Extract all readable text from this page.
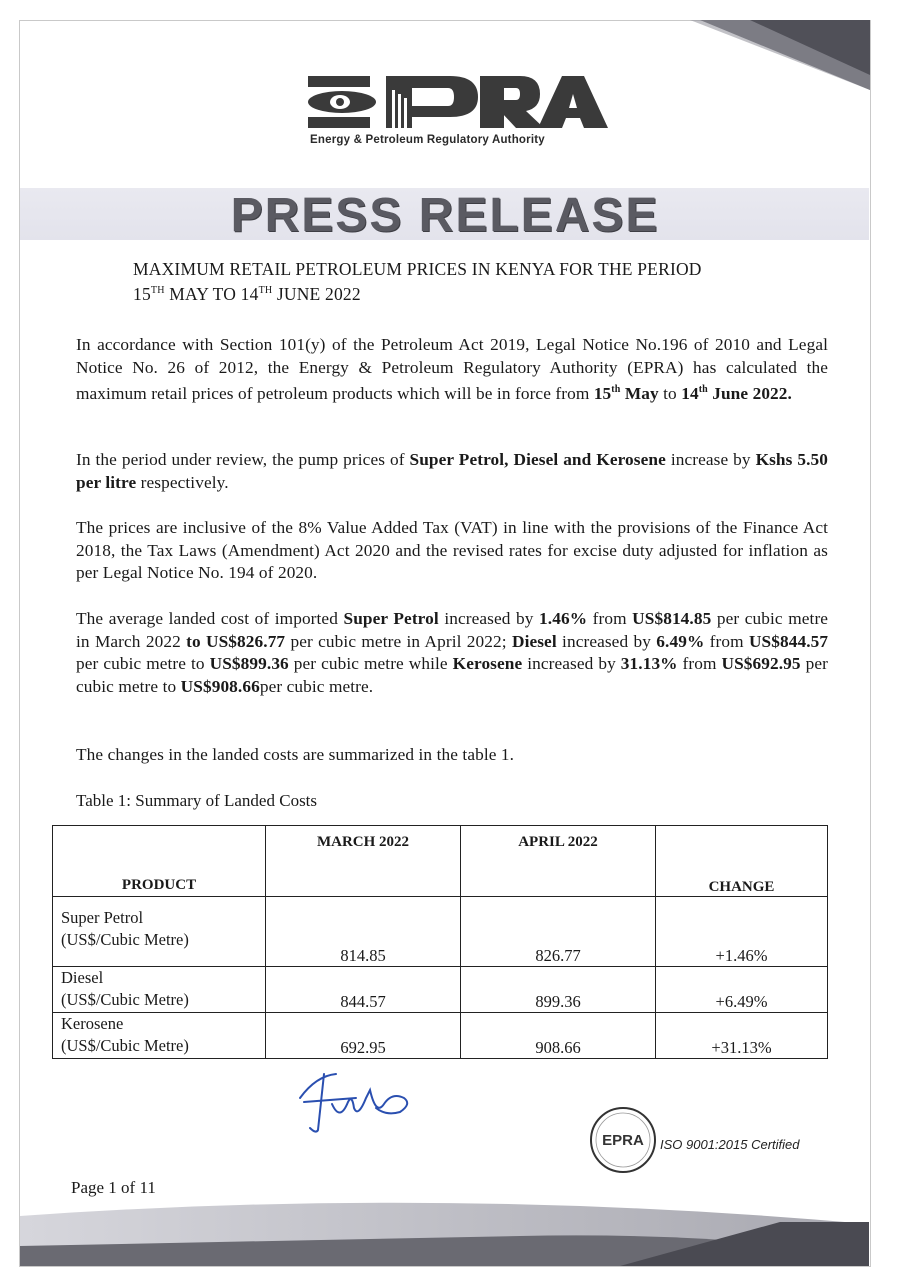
Energy & Petroleum Regulatory Authority
PRESS RELEASE
MAXIMUM RETAIL PETROLEUM PRICES IN KENYA FOR THE PERIOD
15TH MAY TO 14TH JUNE 2022
In accordance with Section 101(y) of the Petroleum Act 2019, Legal Notice No.196 of 2010 and Legal Notice No. 26 of 2012, the Energy & Petroleum Regulatory Authority (EPRA) has calculated the maximum retail prices of petroleum products which will be in force from 15th May to 14th June 2022.
In the period under review, the pump prices of Super Petrol, Diesel and Kerosene increase by Kshs 5.50 per litre respectively.
The prices are inclusive of the 8% Value Added Tax (VAT) in line with the provisions of the Finance Act 2018, the Tax Laws (Amendment) Act 2020 and the revised rates for excise duty adjusted for inflation as per Legal Notice No. 194 of 2020.
The average landed cost of imported Super Petrol increased by 1.46% from US$814.85 per cubic metre in March 2022 to US$826.77 per cubic metre in April 2022; Diesel increased by 6.49% from US$844.57 per cubic metre to US$899.36 per cubic metre while Kerosene increased by 31.13% from US$692.95 per cubic metre to US$908.66per cubic metre.
The changes in the landed costs are summarized in the table 1.
Table 1: Summary of Landed Costs
PRODUCT	MARCH 2022	APRIL 2022	CHANGE

Super Petrol
(US$/Cubic Metre)	814.85	826.77	+1.46%

Diesel
(US$/Cubic Metre)	844.57	899.36	+6.49%

Kerosene
(US$/Cubic Metre)	692.95	908.66	+31.13%
EPRA ISO 9001:2015 Certified
Page 1 of 11
